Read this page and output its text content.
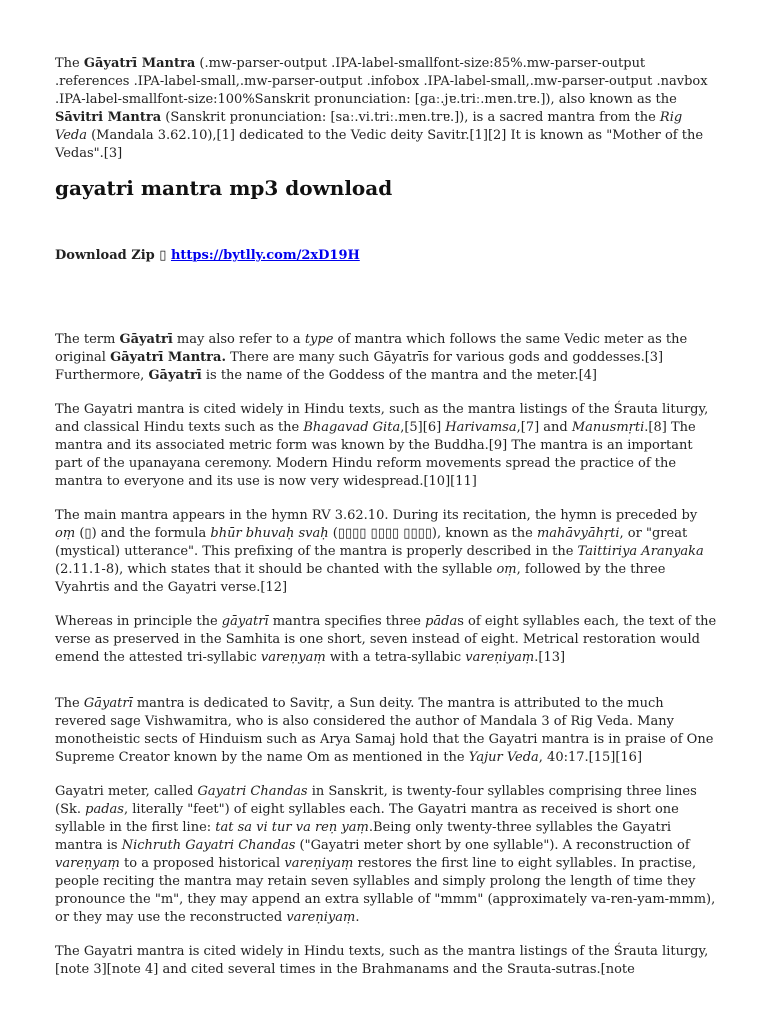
The Gāyatrī Mantra (.mw-parser-output .IPA-label-smallfont-size:85%.mw-parser-output .references .IPA-label-small,.mw-parser-output .infobox .IPA-label-small,.mw-parser-output .navbox .IPA-label-smallfont-size:100%Sanskrit pronunciation: [ɡaː.jɐ.triː.mɐn.trɐ.]), also known as the Sāvitri Mantra (Sanskrit pronunciation: [saː.vi.triː.mɐn.trɐ.]), is a sacred mantra from the Rig Veda (Mandala 3.62.10),[1] dedicated to the Vedic deity Savitr.[1][2] It is known as "Mother of the Vedas".[3]

gayatri mantra mp3 download

Download Zip ▯ https://bytlly.com/2xD19H

The term Gāyatrī may also refer to a type of mantra which follows the same Vedic meter as the original Gāyatrī Mantra. There are many such Gāyatrīs for various gods and goddesses.[3] Furthermore, Gāyatrī is the name of the Goddess of the mantra and the meter.[4]

The Gayatri mantra is cited widely in Hindu texts, such as the mantra listings of the Śrauta liturgy, and classical Hindu texts such as the Bhagavad Gita,[5][6] Harivamsa,[7] and Manusmṛti.[8] The mantra and its associated metric form was known by the Buddha.[9] The mantra is an important part of the upanayana ceremony. Modern Hindu reform movements spread the practice of the mantra to everyone and its use is now very widespread.[10][11]

The main mantra appears in the hymn RV 3.62.10. During its recitation, the hymn is preceded by oṃ (▯) and the formula bhūr bhuvaḥ svaḥ (▯▯▯▯ ▯▯▯▯ ▯▯▯▯), known as the mahāvyāhṛti, or "great (mystical) utterance". This prefixing of the mantra is properly described in the Taittiriya Aranyaka (2.11.1-8), which states that it should be chanted with the syllable oṃ, followed by the three Vyahrtis and the Gayatri verse.[12]

Whereas in principle the gāyatrī mantra specifies three pādas of eight syllables each, the text of the verse as preserved in the Samhita is one short, seven instead of eight. Metrical restoration would emend the attested tri-syllabic vareṇyaṃ with a tetra-syllabic vareṇiyaṃ.[13]

The Gāyatrī mantra is dedicated to Savitṛ, a Sun deity. The mantra is attributed to the much revered sage Vishwamitra, who is also considered the author of Mandala 3 of Rig Veda. Many monotheistic sects of Hinduism such as Arya Samaj hold that the Gayatri mantra is in praise of One Supreme Creator known by the name Om as mentioned in the Yajur Veda, 40:17.[15][16]

Gayatri meter, called Gayatri Chandas in Sanskrit, is twenty-four syllables comprising three lines (Sk. padas, literally "feet") of eight syllables each. The Gayatri mantra as received is short one syllable in the first line: tat sa vi tur va reṇ yaṃ.Being only twenty-three syllables the Gayatri mantra is Nichruth Gayatri Chandas ("Gayatri meter short by one syllable"). A reconstruction of vareṇyaṃ to a proposed historical vareṇiyaṃ restores the first line to eight syllables. In practise, people reciting the mantra may retain seven syllables and simply prolong the length of time they pronounce the "m", they may append an extra syllable of "mmm" (approximately va-ren-yam-mmm), or they may use the reconstructed vareṇiyaṃ.

The Gayatri mantra is cited widely in Hindu texts, such as the mantra listings of the Śrauta liturgy,[note 3][note 4] and cited several times in the Brahmanams and the Srauta-sutras.[note
